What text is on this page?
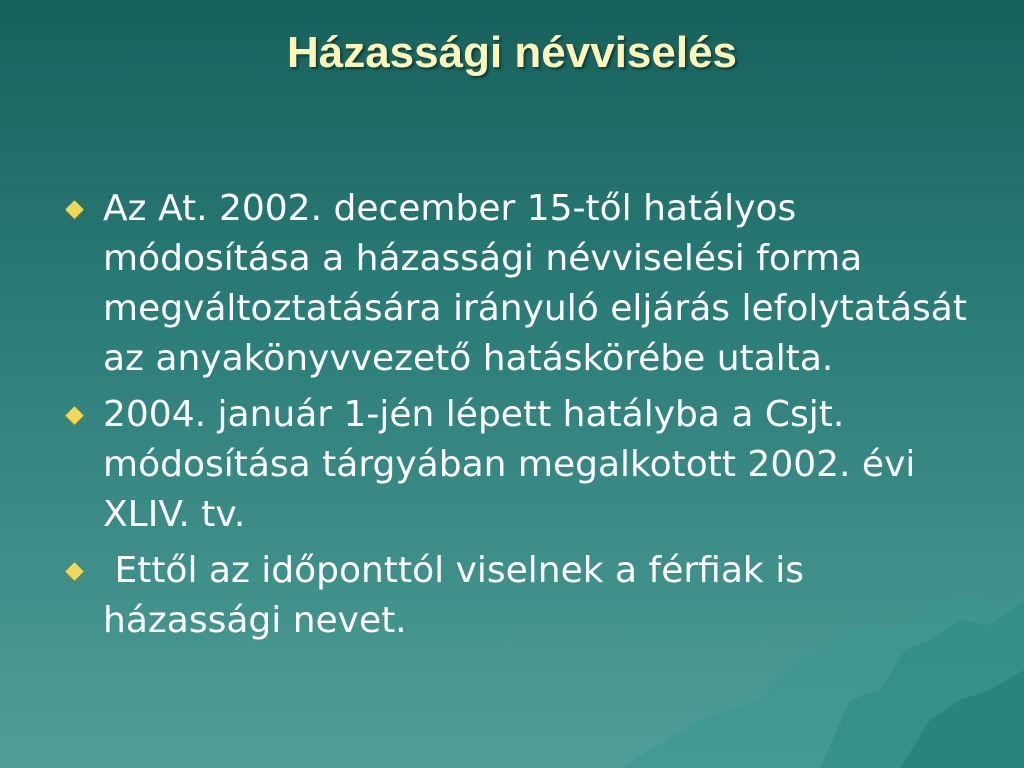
Házassági névviselés
Az At. 2002. december 15-től hatályos módosítása a házassági névviselési forma megváltoztatására irányuló eljárás lefolytatását az anyakönyvvezető hatáskörébe utalta.
2004. január 1-jén lépett hatályba a Csjt. módosítása tárgyában megalkotott 2002. évi XLIV. tv.
Ettől az időponttól viselnek a férfiak is házassági nevet.
